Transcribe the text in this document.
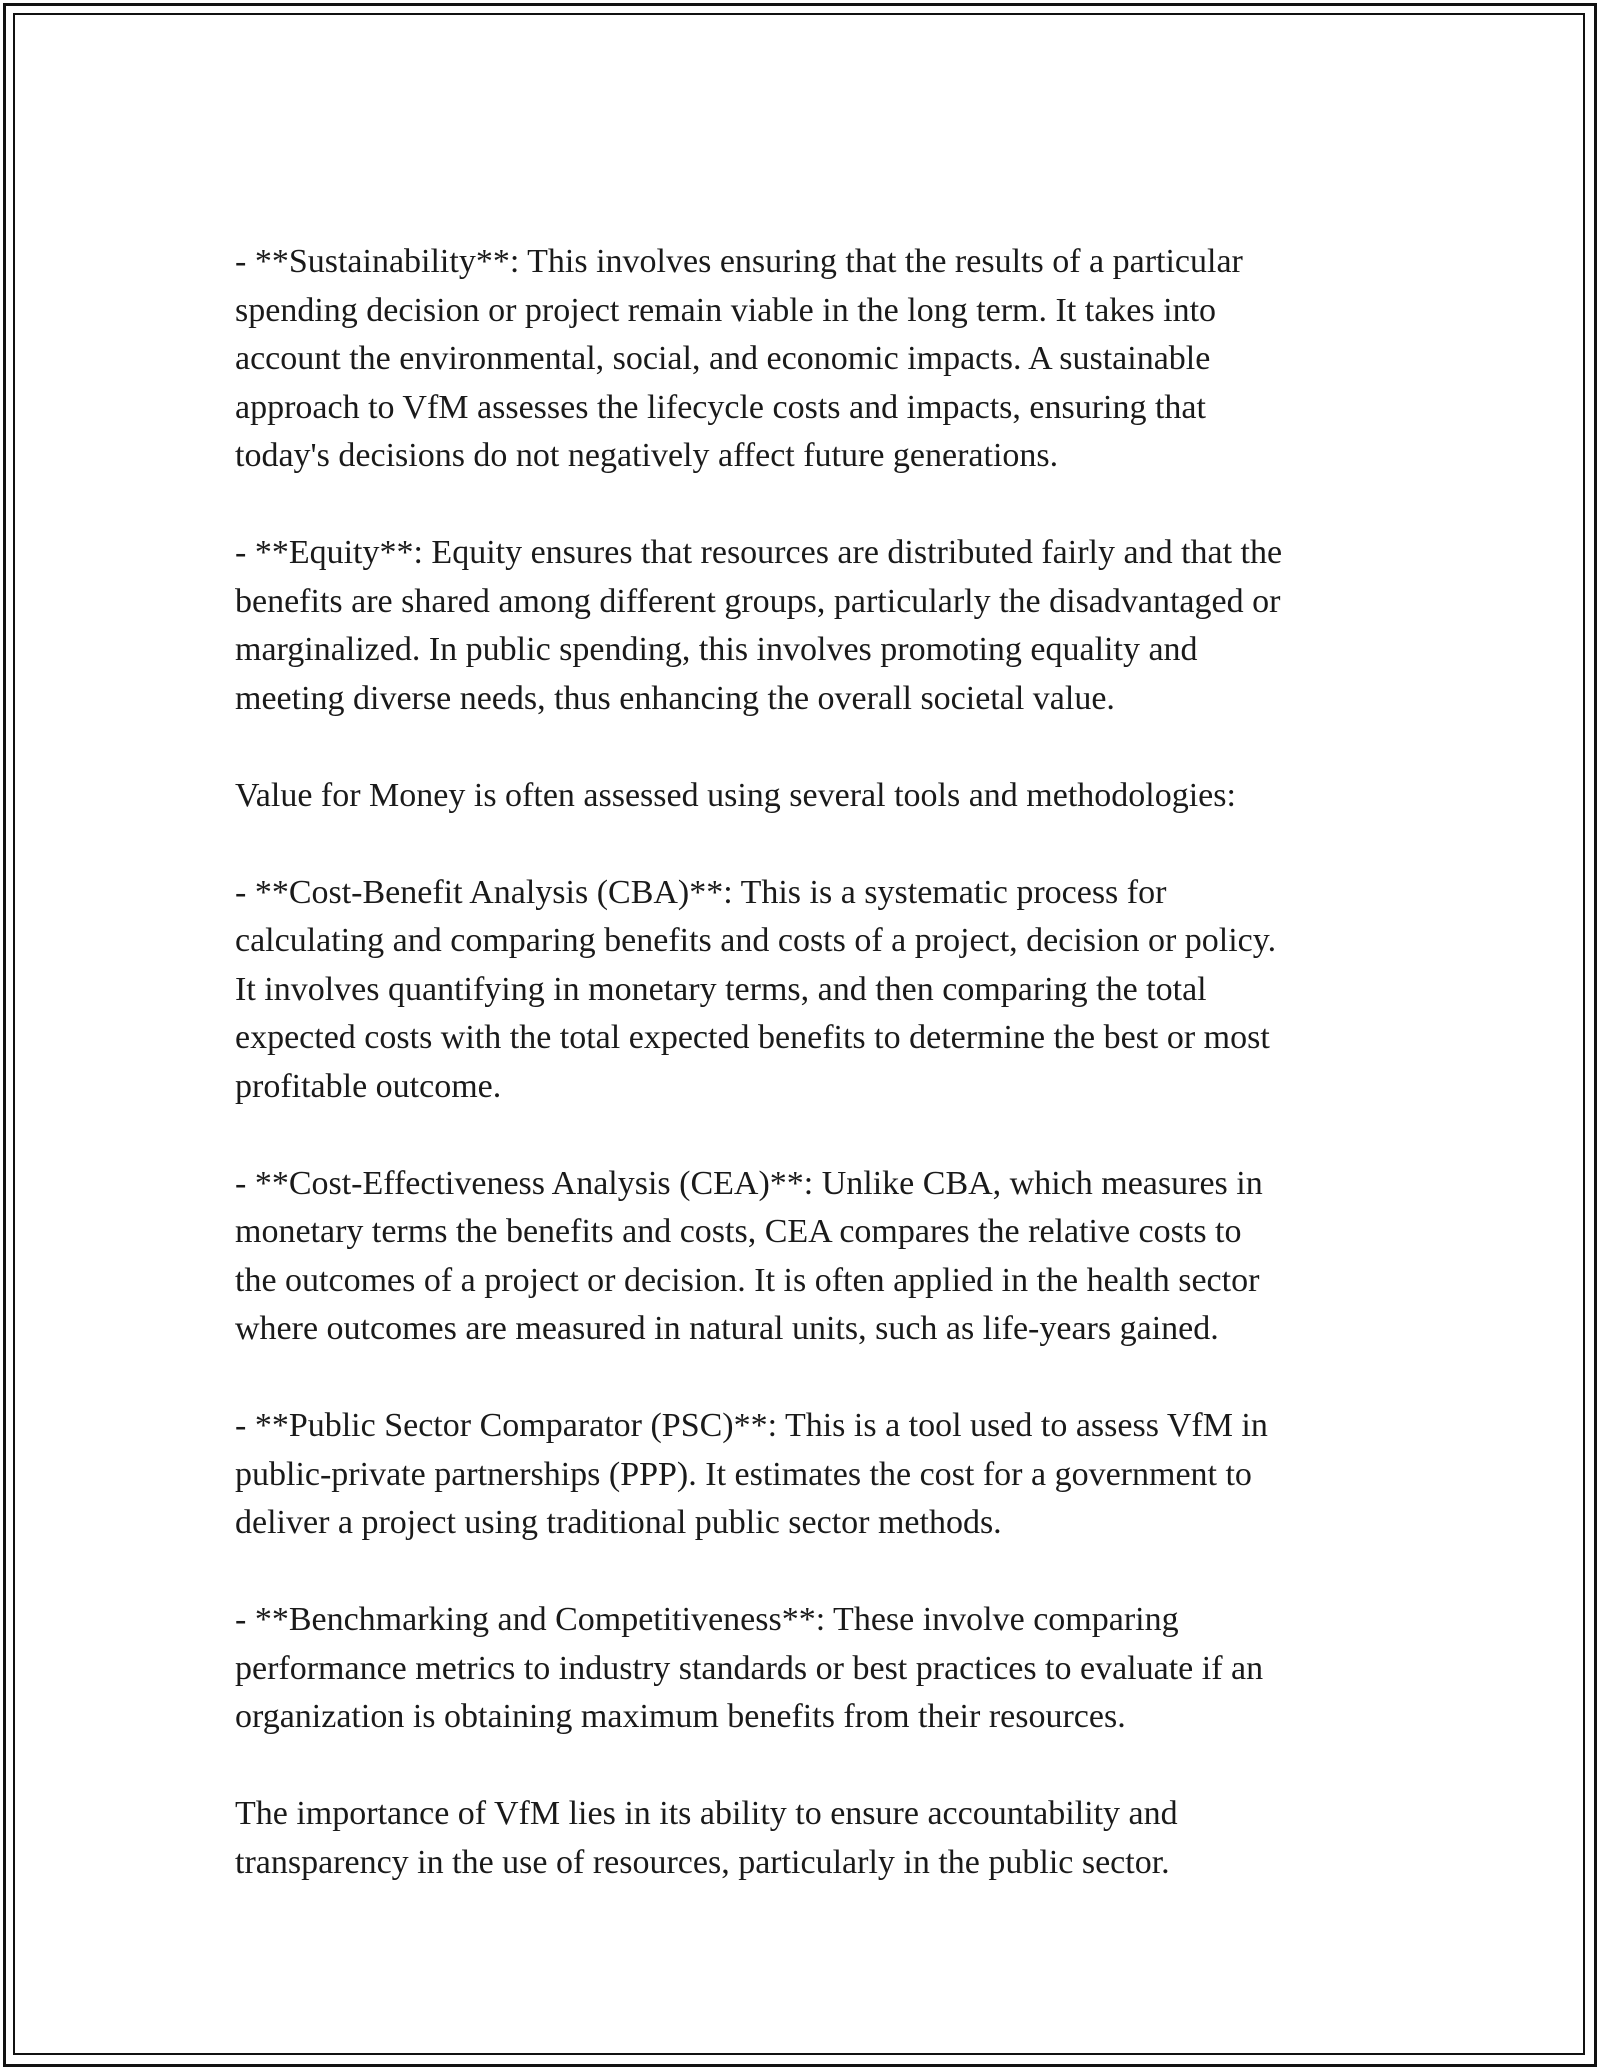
- **Sustainability**: This involves ensuring that the results of a particular
spending decision or project remain viable in the long term. It takes into
account the environmental, social, and economic impacts. A sustainable
approach to VfM assesses the lifecycle costs and impacts, ensuring that
today's decisions do not negatively affect future generations.

- **Equity**: Equity ensures that resources are distributed fairly and that the
benefits are shared among different groups, particularly the disadvantaged or
marginalized. In public spending, this involves promoting equality and
meeting diverse needs, thus enhancing the overall societal value.

Value for Money is often assessed using several tools and methodologies:

- **Cost-Benefit Analysis (CBA)**: This is a systematic process for
calculating and comparing benefits and costs of a project, decision or policy.
It involves quantifying in monetary terms, and then comparing the total
expected costs with the total expected benefits to determine the best or most
profitable outcome.

- **Cost-Effectiveness Analysis (CEA)**: Unlike CBA, which measures in
monetary terms the benefits and costs, CEA compares the relative costs to
the outcomes of a project or decision. It is often applied in the health sector
where outcomes are measured in natural units, such as life-years gained.

- **Public Sector Comparator (PSC)**: This is a tool used to assess VfM in
public-private partnerships (PPP). It estimates the cost for a government to
deliver a project using traditional public sector methods.

- **Benchmarking and Competitiveness**: These involve comparing
performance metrics to industry standards or best practices to evaluate if an
organization is obtaining maximum benefits from their resources.

The importance of VfM lies in its ability to ensure accountability and
transparency in the use of resources, particularly in the public sector.
